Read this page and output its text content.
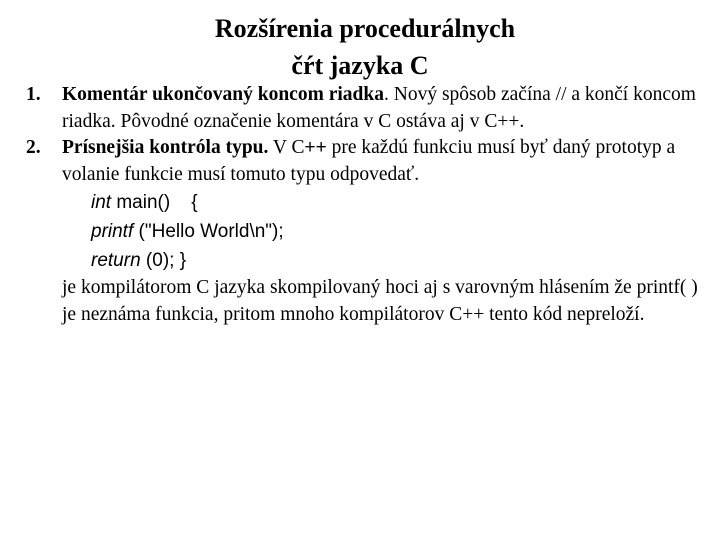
Rozšírenia procedurálnych
čŕt jazyka C

1. Komentár ukončovaný koncom riadka. Nový spôsob začína // a končí koncom riadka. Pôvodné označenie komentára v C ostáva aj v C++.

2. Prísnejšia kontróla typu. V C++ pre každú funkciu musí byť daný prototyp a volanie funkcie musí tomuto typu odpovedať.

int main()    {
printf ("Hello World\n");
return (0); }

je kompilátorom C jazyka skompilovaný hoci aj s varovným hlásením že printf( ) je neznáma funkcia, pritom mnoho kompilátorov C++ tento kód nepreloží.
